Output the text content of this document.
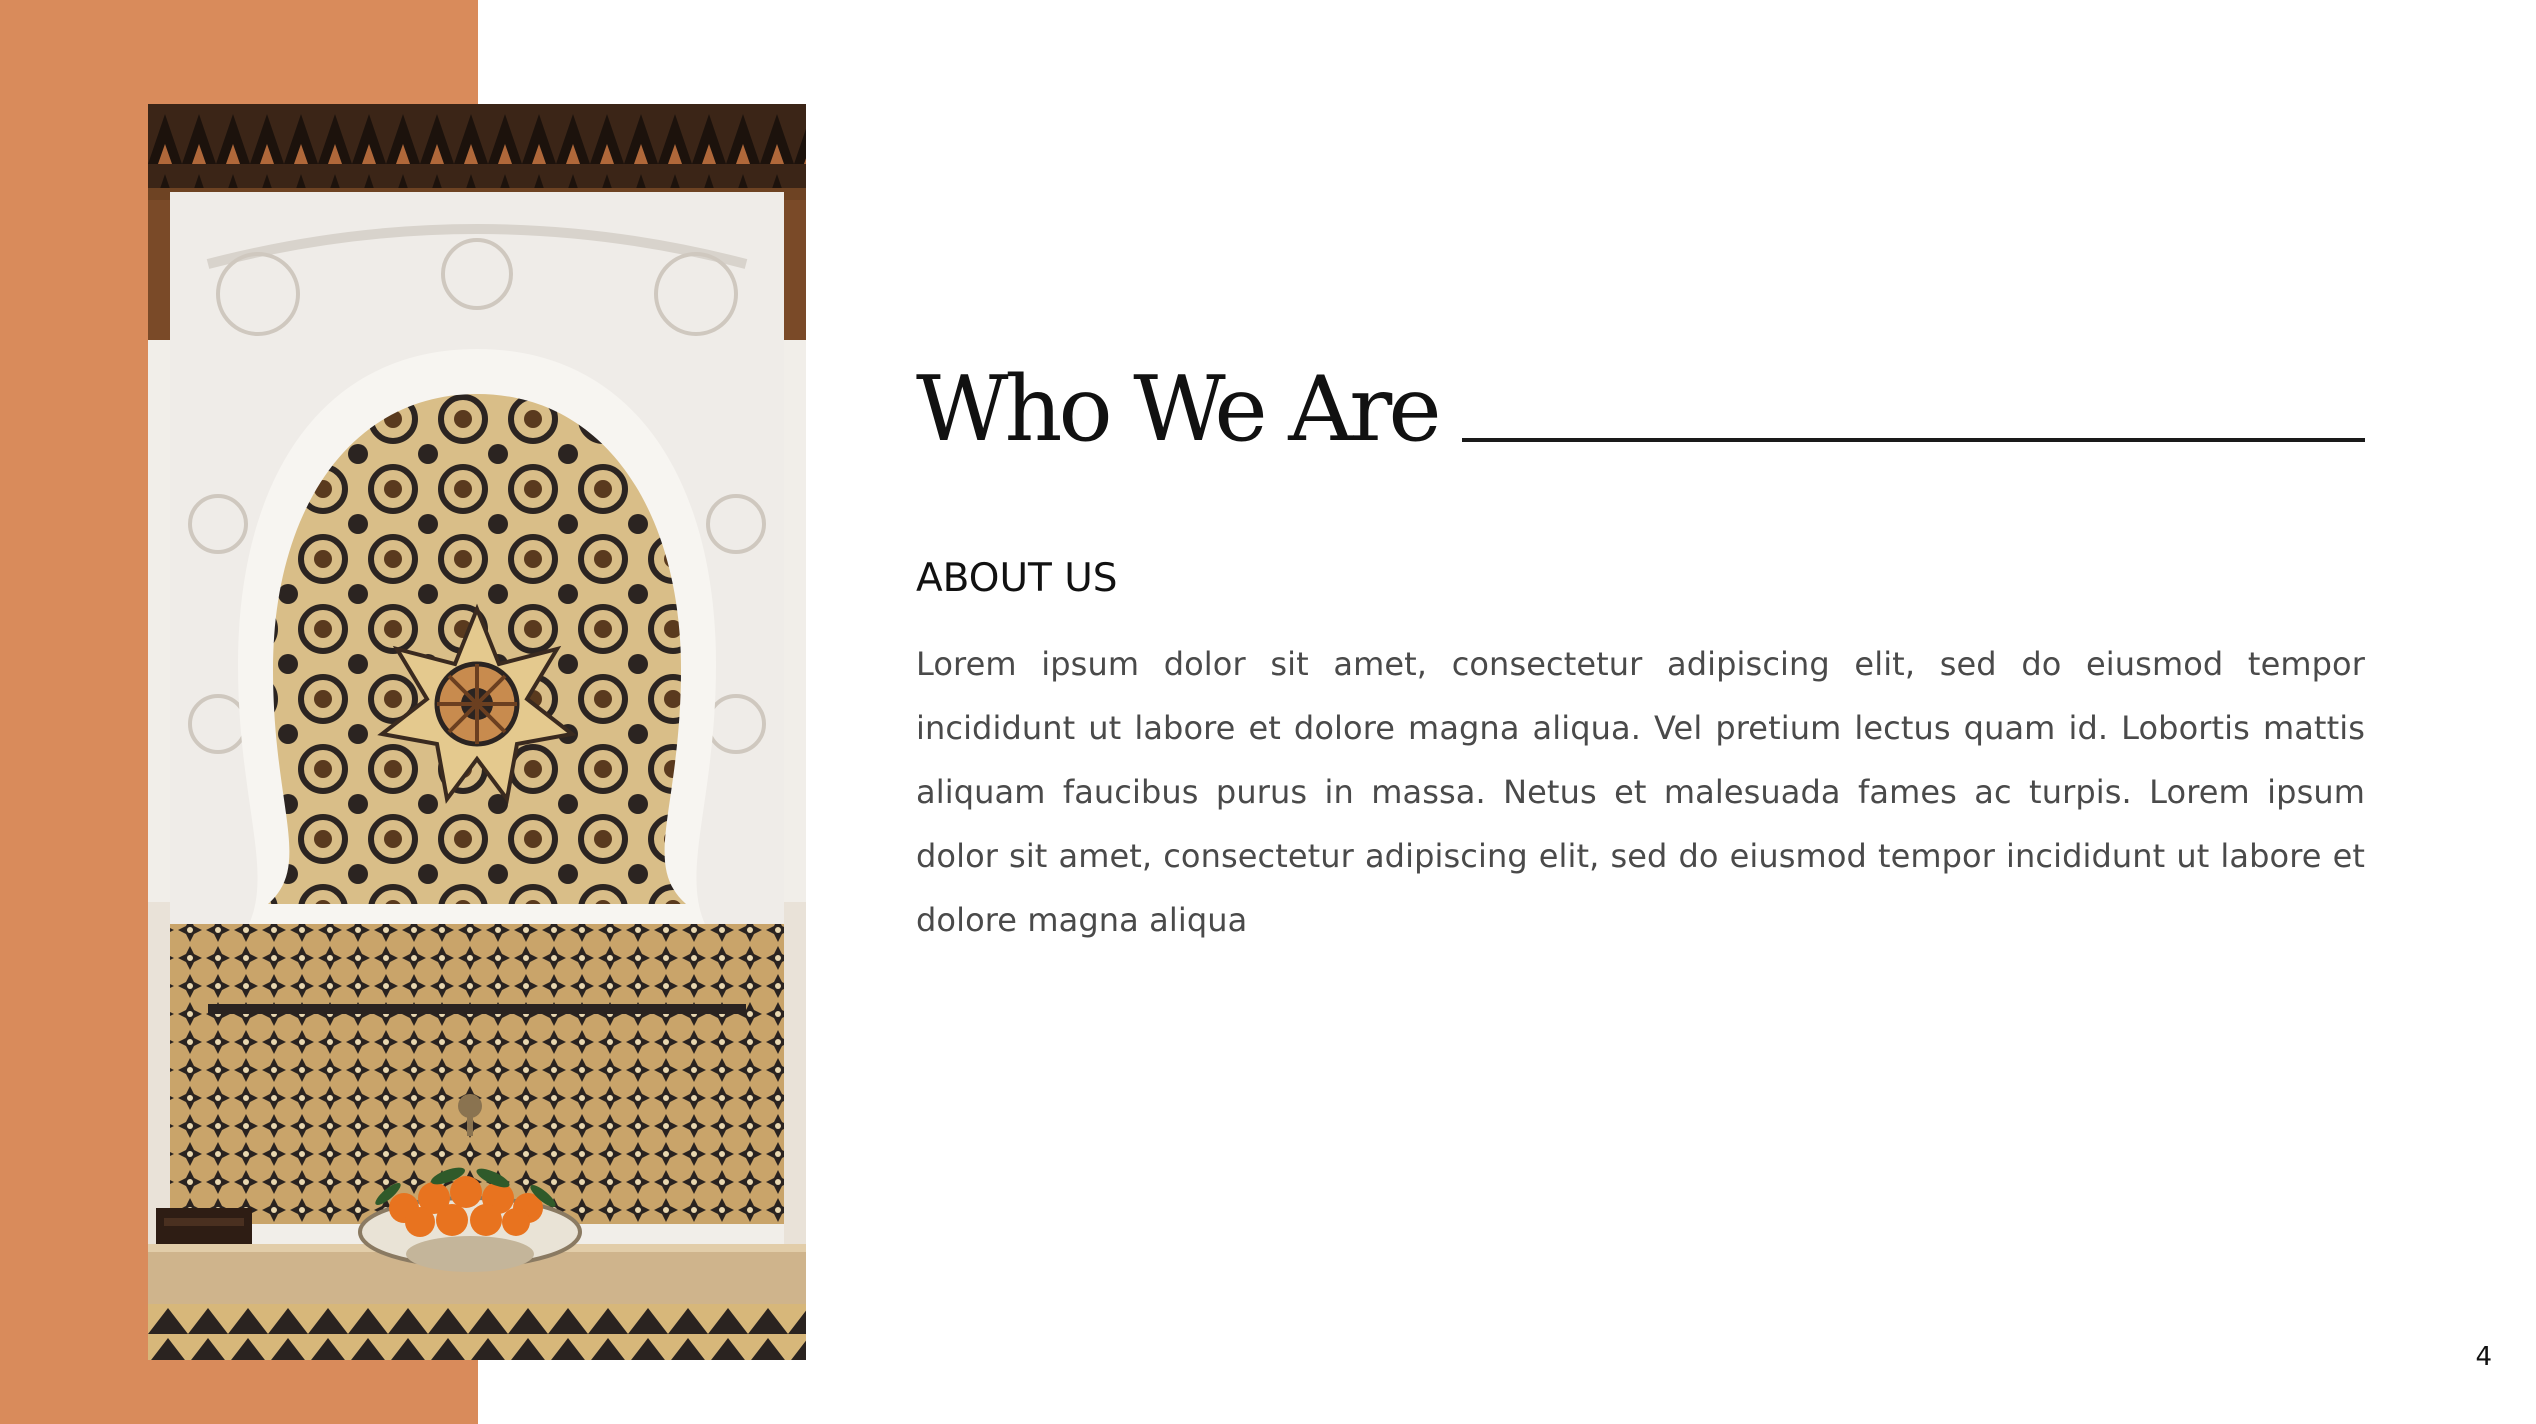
Who We Are
ABOUT US

Lorem ipsum dolor sit amet, consectetur adipiscing elit, sed do eiusmod tempor incididunt ut labore et dolore magna aliqua. Vel pretium lectus quam id. Lobortis mattis aliquam faucibus purus in massa. Netus et malesuada fames ac turpis. Lorem ipsum dolor sit amet, consectetur adipiscing elit, sed do eiusmod tempor incididunt ut labore et dolore magna aliqua

4
